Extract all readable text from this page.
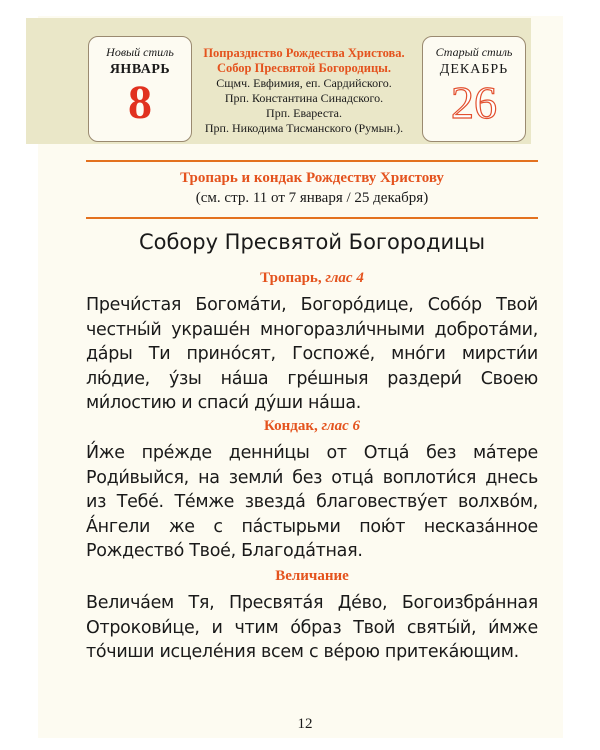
Новый стиль
ЯНВАРЬ
8
Попразднство Рождества Христова.
Собор Пресвятой Богородицы.
Сщмч. Евфимия, еп. Сардийского.
Прп. Константина Синадского.
Прп. Евареста.
Прп. Никодима Тисманского (Румын.).
Старый стиль
ДЕКАБРЬ
26
Тропарь и кондак Рождеству Христову
(см. стр. 11 от 7 января / 25 декабря)
Собору Пресвятой Богородицы
Тропарь, глас 4
Пречи́стая Богома́ти, Богоро́дице, Собо́р Твой честны́й украше́н многоразли́чными доброта́ми, да́ры Ти прино́сят, Госпоже́, мно́ги мирсти́и лю́дие, у́зы на́ша гре́шныя раздери́ Своею ми́лостию и спаси́ ду́ши на́ша.
Кондак, глас 6
И́же пре́жде денни́цы от Отца́ без ма́тере Роди́выйся, на земли́ без отца́ воплоти́ся днесь из Тебе́. Те́мже звезда́ благовеству́ет волхво́м, А́нгели же с па́стырьми пою́т несказа́нное Рождество́ Твое́, Благода́тная.
Величание
Велича́ем Тя, Пресвята́я Де́во, Богоизбра́нная Отрокови́це, и чтим о́браз Твой святы́й, и́мже то́чиши исцеле́ния всем с ве́рою притека́ющим.
12
